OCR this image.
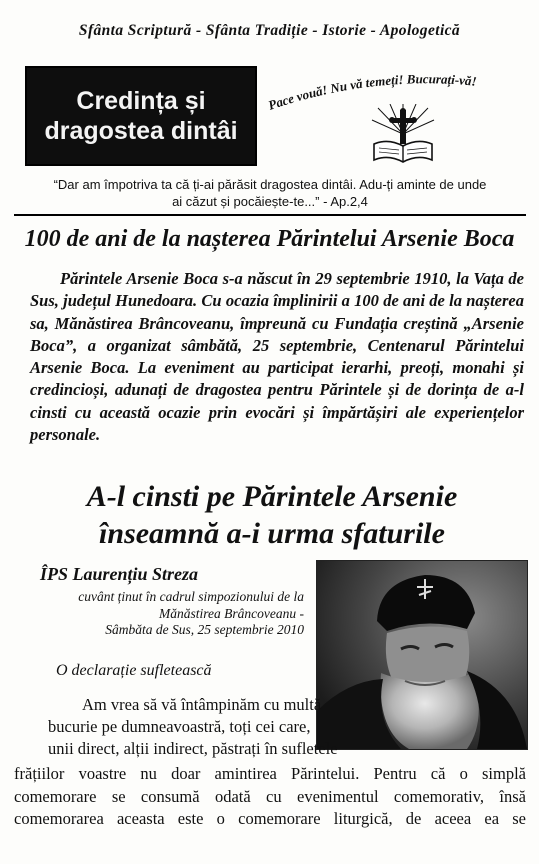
Sfânta Scriptură - Sfânta Tradiție - Istorie - Apologetică
Credința și
dragostea dintâi
Pace vouă! Nu vă temeți! Bucurați-vă!
“Dar am împotriva ta că ți-ai părăsit dragostea dintâi. Adu-ți aminte de unde
ai căzut și pocăiește-te...” - Ap.2,4
100 de ani de la nașterea Părintelui Arsenie Boca
Părintele Arsenie Boca s-a născut în 29 septembrie 1910, la Vața de Sus, județul Hunedoara. Cu ocazia împlinirii a 100 de ani de la nașterea sa, Mănăstirea Brâncoveanu, împreună cu Fundația creștină „Arsenie Boca”, a organizat sâmbătă, 25 septembrie, Centenarul Părintelui Arsenie Boca. La eveniment au participat ierarhi, preoți, monahi și credincioși, adunați de dragostea pentru Părintele și de dorința de a-l cinsti cu această ocazie prin evocări și împărtășiri ale experiențelor personale.
A-l cinsti pe Părintele Arsenie
înseamnă a-i urma sfaturile
ÎPS Laurențiu Streza
cuvânt ținut în cadrul simpozionului de la
Mănăstirea Brâncoveanu -
Sâmbăta de Sus, 25 septembrie 2010
O declarație sufletească
Am vrea să vă întâmpinăm cu multă
bucurie pe dumneavoastră, toți cei care,
unii direct, alții indirect, păstrați în sufletele
frățiilor voastre nu doar amintirea Părintelui. Pentru că o simplă
comemorare se consumă odată cu evenimentul comemorativ, însă
comemorarea aceasta este o comemorare liturgică, de aceea ea se
